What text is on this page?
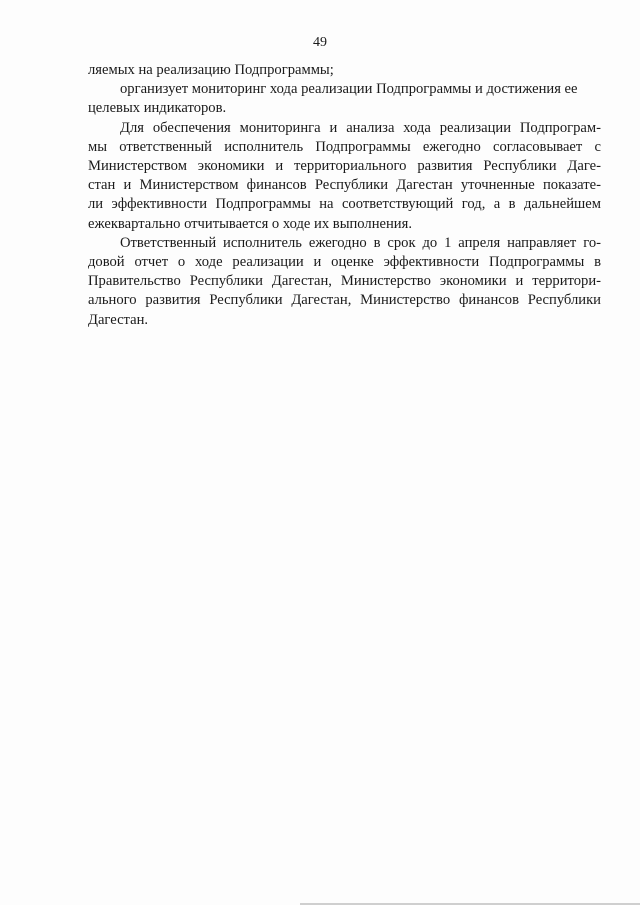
49
ляемых на реализацию Подпрограммы;
организует мониторинг хода реализации Подпрограммы и достижения ее
целевых индикаторов.
Для обеспечения мониторинга и анализа хода реализации Подпрограм-
мы ответственный исполнитель Подпрограммы ежегодно согласовывает с
Министерством экономики и территориального развития Республики Даге-
стан и Министерством финансов Республики Дагестан уточненные показате-
ли эффективности Подпрограммы на соответствующий год, а в дальнейшем
ежеквартально отчитывается о ходе их выполнения.
Ответственный исполнитель ежегодно в срок до 1 апреля направляет го-
довой отчет о ходе реализации и оценке эффективности Подпрограммы в
Правительство Республики Дагестан, Министерство экономики и территори-
ального развития Республики Дагестан, Министерство финансов Республики
Дагестан.
